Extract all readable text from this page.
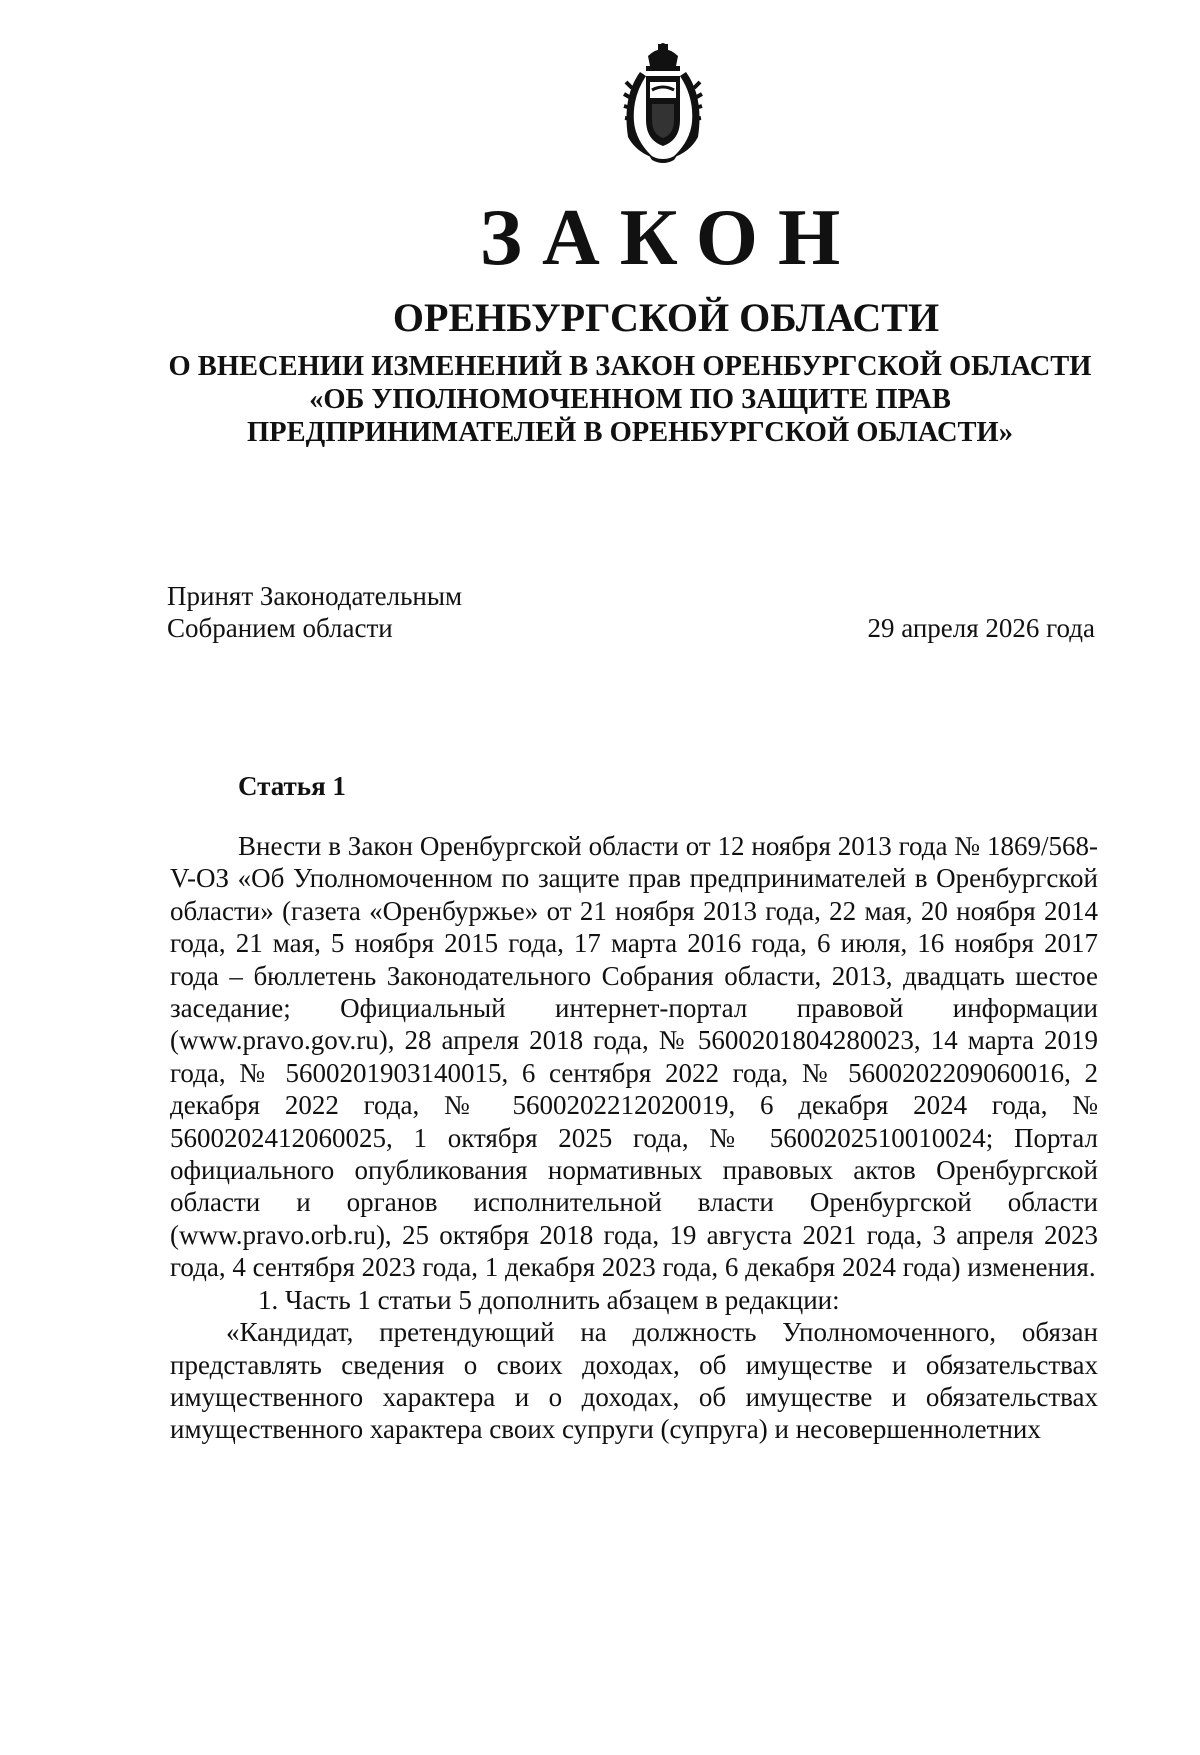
ЗАКОН
ОРЕНБУРГСКОЙ ОБЛАСТИ
О ВНЕСЕНИИ ИЗМЕНЕНИЙ В ЗАКОН ОРЕНБУРГСКОЙ ОБЛАСТИ
«ОБ УПОЛНОМОЧЕННОМ ПО ЗАЩИТЕ ПРАВ
ПРЕДПРИНИМАТЕЛЕЙ В ОРЕНБУРГСКОЙ ОБЛАСТИ»
Принят Законодательным
Собранием области	29 апреля 2026 года
Статья 1

Внести в Закон Оренбургской области от 12 ноября 2013 года № 1869/568-V-ОЗ «Об Уполномоченном по защите прав предпринимателей в Оренбургской области» (газета «Оренбуржье» от 21 ноября 2013 года, 22 мая, 20 ноября 2014 года, 21 мая, 5 ноября 2015 года, 17 марта 2016 года, 6 июля, 16 ноября 2017 года – бюллетень Законодательного Собрания области, 2013, двадцать шестое заседание; Официальный интернет-портал правовой информации (www.pravo.gov.ru), 28 апреля 2018 года, № 5600201804280023, 14 марта 2019 года, № 5600201903140015, 6 сентября 2022 года, № 5600202209060016, 2 декабря 2022 года, № 5600202212020019, 6 декабря 2024 года, № 5600202412060025, 1 октября 2025 года, № 5600202510010024; Портал официального опубликования нормативных правовых актов Оренбургской области и органов исполнительной власти Оренбургской области (www.pravo.orb.ru), 25 октября 2018 года, 19 августа 2021 года, 3 апреля 2023 года, 4 сентября 2023 года, 1 декабря 2023 года, 6 декабря 2024 года) изменения.

1. Часть 1 статьи 5 дополнить абзацем в редакции:

«Кандидат, претендующий на должность Уполномоченного, обязан представлять сведения о своих доходах, об имуществе и обязательствах имущественного характера и о доходах, об имуществе и обязательствах имущественного характера своих супруги (супруга) и несовершеннолетних
